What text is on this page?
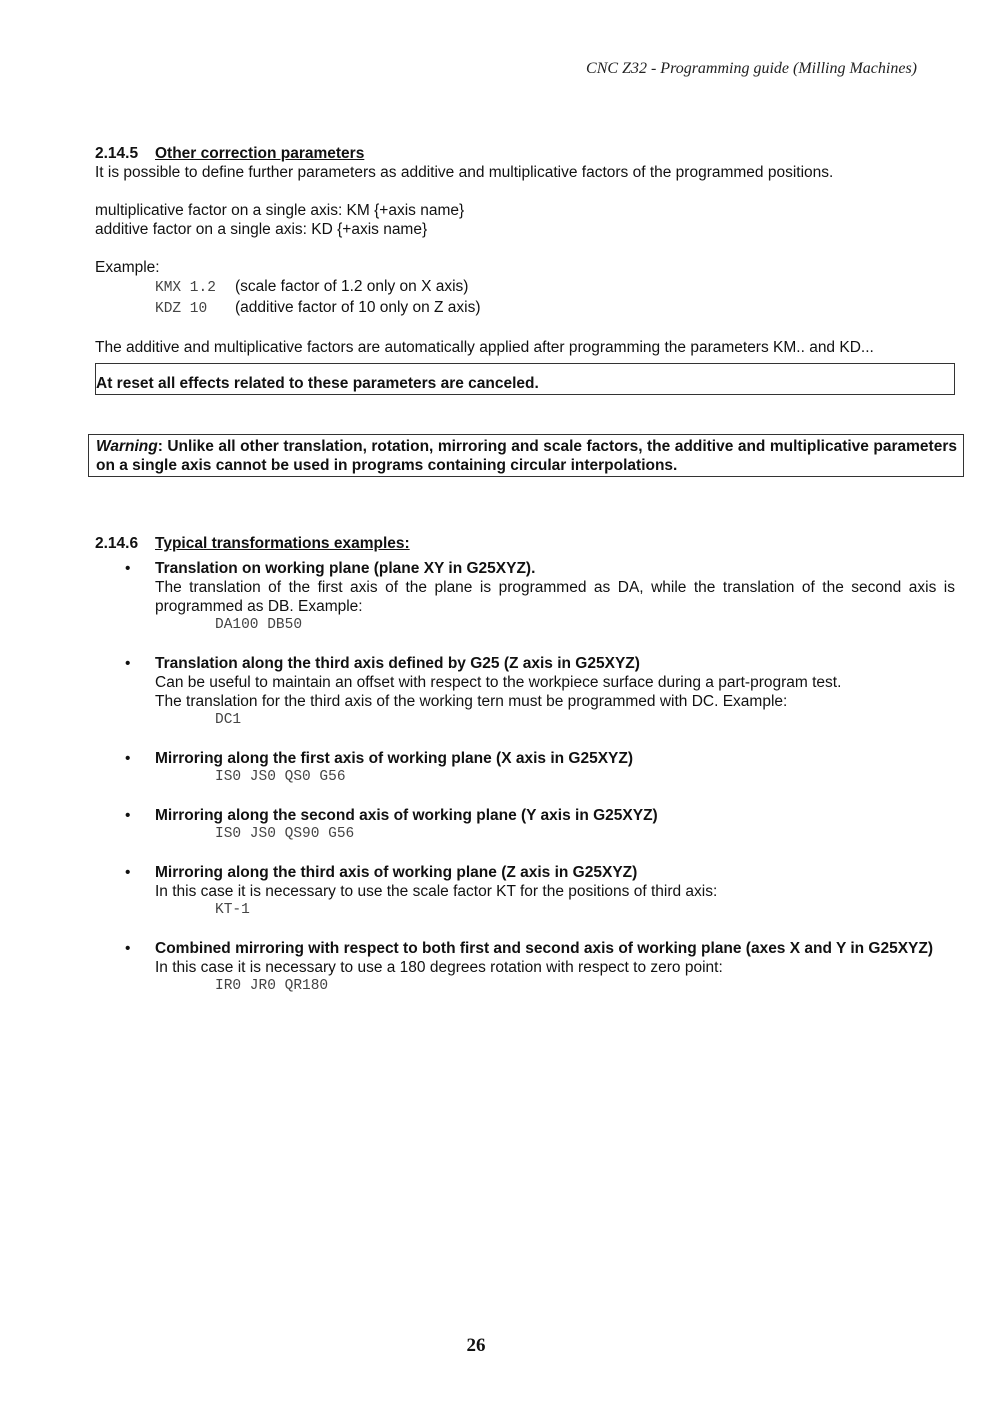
CNC Z32 - Programming guide (Milling Machines)
2.14.5 Other correction parameters

It is possible to define further parameters as additive and multiplicative factors of the programmed positions.

multiplicative factor on a single axis: KM {+axis name}

additive factor on a single axis: KD {+axis name}

Example:

KMX 1.2 (scale factor of 1.2 only on X axis)
KDZ 10 (additive factor of 10 only on Z axis)

The additive and multiplicative factors are automatically applied after programming the parameters KM.. and KD...

At reset all effects related to these parameters are canceled.
Warning: Unlike all other translation, rotation, mirroring and scale factors, the additive and multiplicative parameters on a single axis cannot be used in programs containing circular interpolations.
2.14.6 Typical transformations examples:
• Translation on working plane (plane XY in G25XYZ).
The translation of the first axis of the plane is programmed as DA, while the translation of the second axis is programmed as DB. Example:
DA100 DB50
• Translation along the third axis defined by G25 (Z axis in G25XYZ)
Can be useful to maintain an offset with respect to the workpiece surface during a part-program test.
The translation for the third axis of the working tern must be programmed with DC. Example:
DC1
• Mirroring along the first axis of working plane (X axis in G25XYZ)
IS0 JS0 QS0 G56
• Mirroring along the second axis of working plane (Y axis in G25XYZ)
IS0 JS0 QS90 G56
• Mirroring along the third axis of working plane (Z axis in G25XYZ)
In this case it is necessary to use the scale factor KT for the positions of third axis:
KT-1
• Combined mirroring with respect to both first and second axis of working plane (axes X and Y in G25XYZ)
In this case it is necessary to use a 180 degrees rotation with respect to zero point:
IR0 JR0 QR180
26
